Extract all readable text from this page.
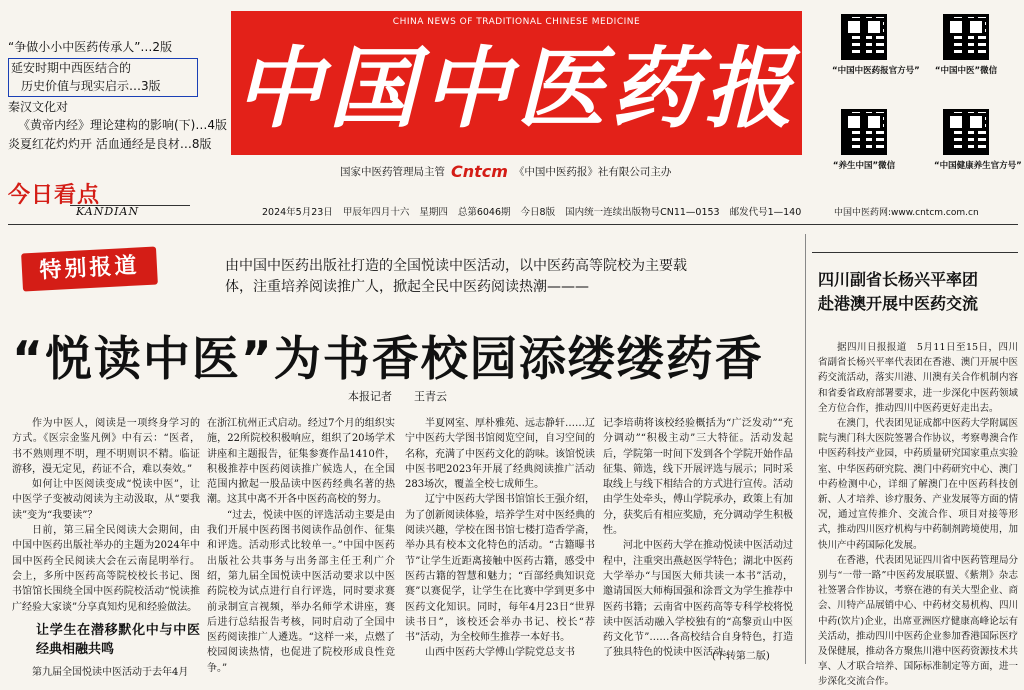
“争做小小中医药传承人”…2版
延安时期中西医结合的
历史价值与现实启示…3版
秦汉文化对
《黄帝内经》理论建构的影响(下)…4版
炎夏红花灼灼开 活血通经是良材…8版
今日看点
KANDIAN
CHINA NEWS OF TRADITIONAL CHINESE MEDICINE
中国中医药报
国家中医药管理局主管 Cntcm 《中国中医药报》社有限公司主办
2024年5月23日 甲辰年四月十六 星期四 总第6046期 今日8版 国内统一连续出版物号CN11—0153 邮发代号1—140	中国中医药网:www.cntcm.com.cn
“中国中医药报官方号” “中国中医”微信
“养生中国”微信	“中国健康养生官方号”
特别报道	由中国中医药出版社打造的全国悦读中医活动，以中医药高等院校为主要载体，注重培养阅读推广人，掀起全民中医药阅读热潮———
“悦读中医”为书香校园添缕缕药香
本报记者 王青云

作为中医人，阅读是一项终身学习的方式。《医宗金鉴凡例》中有云：“医者，书不熟则理不明，理不明则识不精。临证游移，漫无定见，药证不合，难以奏效。”

如何让中医阅读变成“悦读中医”，让中医学子变被动阅读为主动汲取，从“要我读”变为“我要读”？

日前，第三届全民阅读大会期间，由中国中医药出版社举办的主题为2024年中国中医药全民阅读大会在云南昆明举行。会上，多所中医药高等院校校长书记、图书馆馆长围绕全国中医药院校活动“悦读推广经验大家谈”分享真知灼见和经验做法。

让学生在潜移默化中与中医经典相融共鸣

第九届全国悦读中医活动于去年4月

在浙江杭州正式启动。经过7个月的组织实施，22所院校积极响应，组织了20场学术讲座和主题报告，征集参赛作品1410件，积极推荐中医药阅读推广候选人，在全国范围内掀起一股品读中医药经典名著的热潮。这其中离不开各中医药高校的努力。

“过去，悦读中医的评选活动主要是由我们开展中医药图书阅读作品创作、征集和评选。活动形式比较单一。”中国中医药出版社公共事务与出务部主任王利广介绍，第九届全国悦读中医活动要求以中医药院校为试点进行自行评选，同时要求赛前录制宣言视频，举办名师学术讲座，赛后进行总结报告考核，同时启动了全国中医药阅读推广人遴选。“这样一来，点燃了校园阅读热情，也促进了院校形成良性竞争。”

半夏网室、厚朴雅苑、远志静轩……辽宁中医药大学图书馆阅览空间，自习空间的名称，充满了中医药文化的韵味。该馆悦读中医书吧2023年开展了经典阅读推广活动283场次，覆盖全校七成师生。

辽宁中医药大学图书馆馆长王强介绍，为了创新阅读体验，培养学生对中医经典的阅读兴趣，学校在图书馆七楼打造香学斋，举办具有校本文化特色的活动。“古籍曝书节”让学生近距离接触中医药古籍，感受中医药古籍的智慧和魅力；“百部经典知识竞赛”以赛促学，让学生在比赛中学到更多中医药文化知识。同时，每年4月23日“世界读书日”，该校还会举办书记、校长“荐书”活动，为全校师生推荐一本好书。

山西中医药大学傅山学院党总支书

记李培萌将该校经验概括为“广泛发动”“充分调动”“积极主动”三大特征。活动发起后，学院第一时间下发到各个学院开始作品征集、筛选，线下开展评选与展示；同时采取线上与线下相结合的方式进行宣传。活动由学生处牵头，傅山学院承办，政策上有加分，获奖后有相应奖励，充分调动学生积极性。

河北中医药大学在推动悦读中医活动过程中，注重突出燕赵医学特色；湖北中医药大学举办“与国医大师共读一本书”活动，邀请国医大师梅国强和涂晋文为学生推荐中医药书籍；云南省中医药高等专科学校将悦读中医活动融入学校独有的“高黎贡山中医药文化节”……各高校结合自身特色，打造了独具特色的悦读中医活动。

(下转第二版)
四川副省长杨兴平率团
赴港澳开展中医药交流

据四川日报报道　5月11日至15日，四川省副省长杨兴平率代表团在香港、澳门开展中医药交流活动，落实川港、川澳有关合作机制内容和省委省政府部署要求，进一步深化中医药领域全方位合作，推动四川中医药更好走出去。

在澳门，代表团见证成都中医药大学附属医院与澳门科大医院签署合作协议，考察粤澳合作中医药科技产业园，中药质量研究国家重点实验室、中华医药研究院、澳门中药研究中心、澳门中药检测中心，详细了解澳门在中医药科技创新、人才培养、诊疗服务、产业发展等方面的情况，通过宣传推介、交流合作、项目对接等形式，推动四川医疗机构与中药制剂跨境使用，加快川产中药国际化发展。

在香港，代表团见证四川省中医药管理局分别与“一带一路”中医药发展联盟、《紫荆》杂志社签署合作协议，考察在港的有关大型企业、商会、川特产品展销中心、中药材交易机构、四川中药(饮片)企业，出席亚洲医疗健康高峰论坛有关活动，推动四川中医药企业参加香港国际医疗及保健展，推动各方聚焦川港中医药资源技术共享、人才联合培养、国际标准制定等方面，进一步深化交流合作。
